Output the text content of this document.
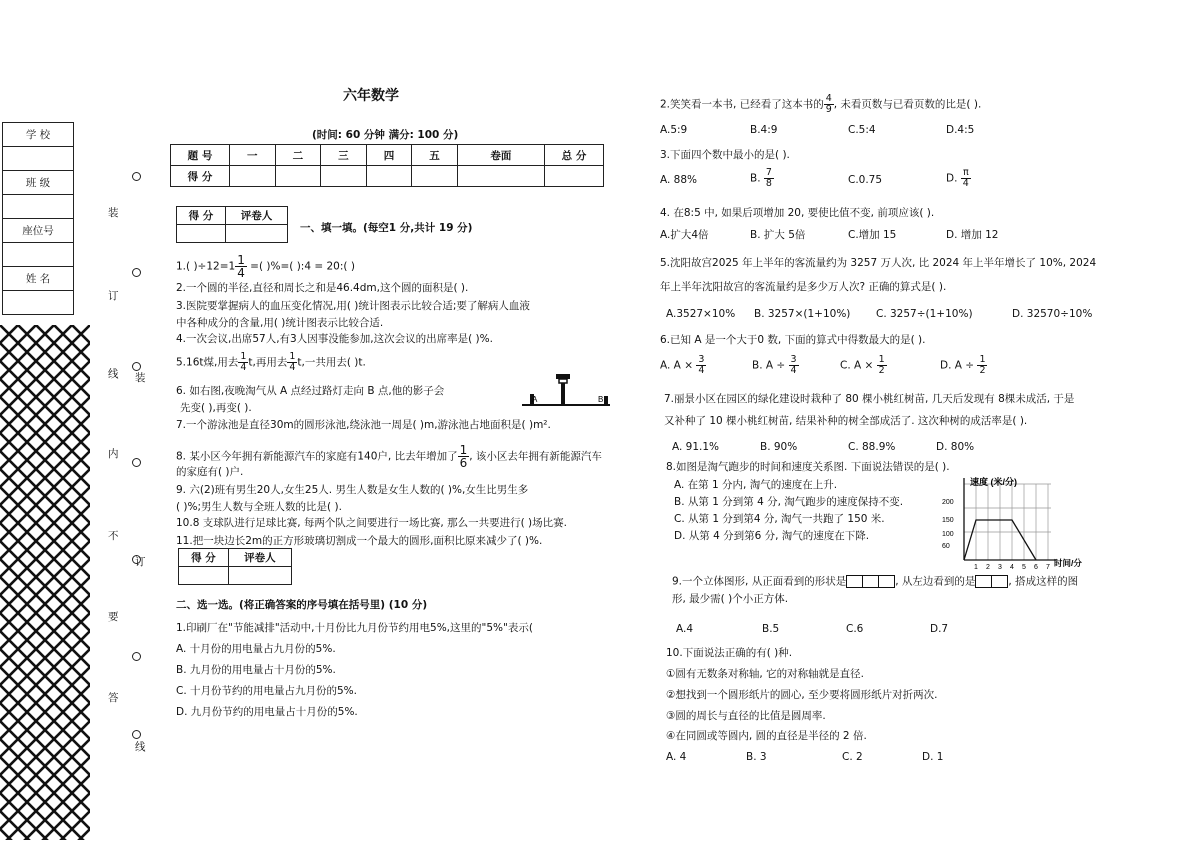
学 校

班 级

座位号

姓 名

装
订
线
内
不
要
答
装
订
线
六年数学
(时间: 60 分钟 满分: 100 分)
题 号	一	二	三	四	五	卷面	总 分
得 分							
得 分	评卷人

一、填一填。(每空1 分,共计 19 分)
1.( )$\div 12=1 \frac{1}{4}$ =( )%=( ):4 = 20:( )
2.一个圆的半径,直径和周长之和是46.4dm,这个圆的面积是( ).
3.医院要掌握病人的血压变化情况,用( )统计图表示比较合适;要了解病人血液
中各种成分的含量,用( )统计图表示比较合适.
4.一次会议,出席57人,有3人因事没能参加,这次会议的出席率是( )%.
5.16t煤,用去 $\frac{1}{4} t$,再用去 $\frac{1}{4} t$,一共用去( )t.
6. 如右图,夜晚淘气从 A 点经过路灯走向 B 点,他的影子会
先变( ),再变( ).
A	B
7.一个游泳池是直径30m的圆形泳池,绕泳池一周是( )m,游泳池占地面积是( )m².
8. 某小区今年拥有新能源汽车的家庭有140户, 比去年增加了 $\frac{1}{6}$ , 该小区去年拥有新能源汽车
的家庭有( )户.
9. 六(2)班有男生20人,女生25人. 男生人数是女生人数的( )%,女生比男生多
( )%;男生人数与全班人数的比是( ).
10.8 支球队进行足球比赛, 每两个队之间要进行一场比赛, 那么一共要进行( )场比赛.
11.把一块边长2m的正方形玻璃切割成一个最大的圆形,面积比原来减少了( )%.
得 分	评卷人

二、选一选。(将正确答案的序号填在括号里) (10 分)
1.印刷厂在"节能减排"活动中,十月份比九月份节约用电5%,这里的"5%"表示(
A. 十月份的用电量占九月份的5%.
B. 九月份的用电量占十月份的5%.
C. 十月份节约的用电量占九月份的5%.
D. 九月份节约的用电量占十月份的5%.
2.笑笑看一本书, 已经看了这本书的 $\frac{4}{9}$ , 未看页数与已看页数的比是( ).
A.5:9	B.4:9	C.5:4	D.4:5
3.下面四个数中最小的是( ).
A. 88%	B. $\frac{7}{8}$	C.0.75	D. $\frac{\pi}{4}$
4. 在8:5 中, 如果后项增加 20, 要使比值不变, 前项应该( ).
A.扩大4倍	B. 扩大 5倍	C.增加 15	D. 增加 12
5.沈阳故宫2025 年上半年的客流量约为 3257 万人次, 比 2024 年上半年增长了 10%, 2024
年上半年沈阳故宫的客流量约是多少万人次? 正确的算式是( ).
A.3527×10% B. 3257×(1+10%) C. 3257÷(1+10%)	D. 32570÷10%
6.已知 A 是一个大于0 数, 下面的算式中得数最大的是( ).
A. $A \times \frac{3}{4}$	B. $A \div \frac{3}{4}$	C. $A \times \frac{1}{2}$	D. $A \div \frac{1}{2}$
7.丽景小区在园区的绿化建设时栽种了 80 棵小桃红树苗, 几天后发现有 8棵未成活, 于是
又补种了 10 棵小桃红树苗, 结果补种的树全部成活了. 这次种树的成活率是( ).
A. 91.1%	B. 90%	C. 88.9%	D. 80%
8.如图是淘气跑步的时间和速度关系图. 下面说法错误的是( ).
A. 在第 1 分内, 淘气的速度在上升.
B. 从第 1 分到第 4 分, 淘气跑步的速度保持不变.
C. 从第 1 分到第4 分, 淘气一共跑了 150 米.
D. 从第 4 分到第6 分, 淘气的速度在下降.
速度 (米/分)
200
150
100
60
1 2 3 4 5 6 7 时间/分
9.一个立体图形, 从正面看到的形状是	, 从左边看到的是	, 搭成这样的图
形, 最少需( )个小正方体.
A.4	B.5	C.6	D.7
10.下面说法正确的有( )种.
①圆有无数条对称轴, 它的对称轴就是直径.
②想找到一个圆形纸片的圆心, 至少要将圆形纸片对折两次.
③圆的周长与直径的比值是圆周率.
④在同圆或等圆内, 圆的直径是半径的 2 倍.
A. 4	B. 3	C. 2	D. 1
